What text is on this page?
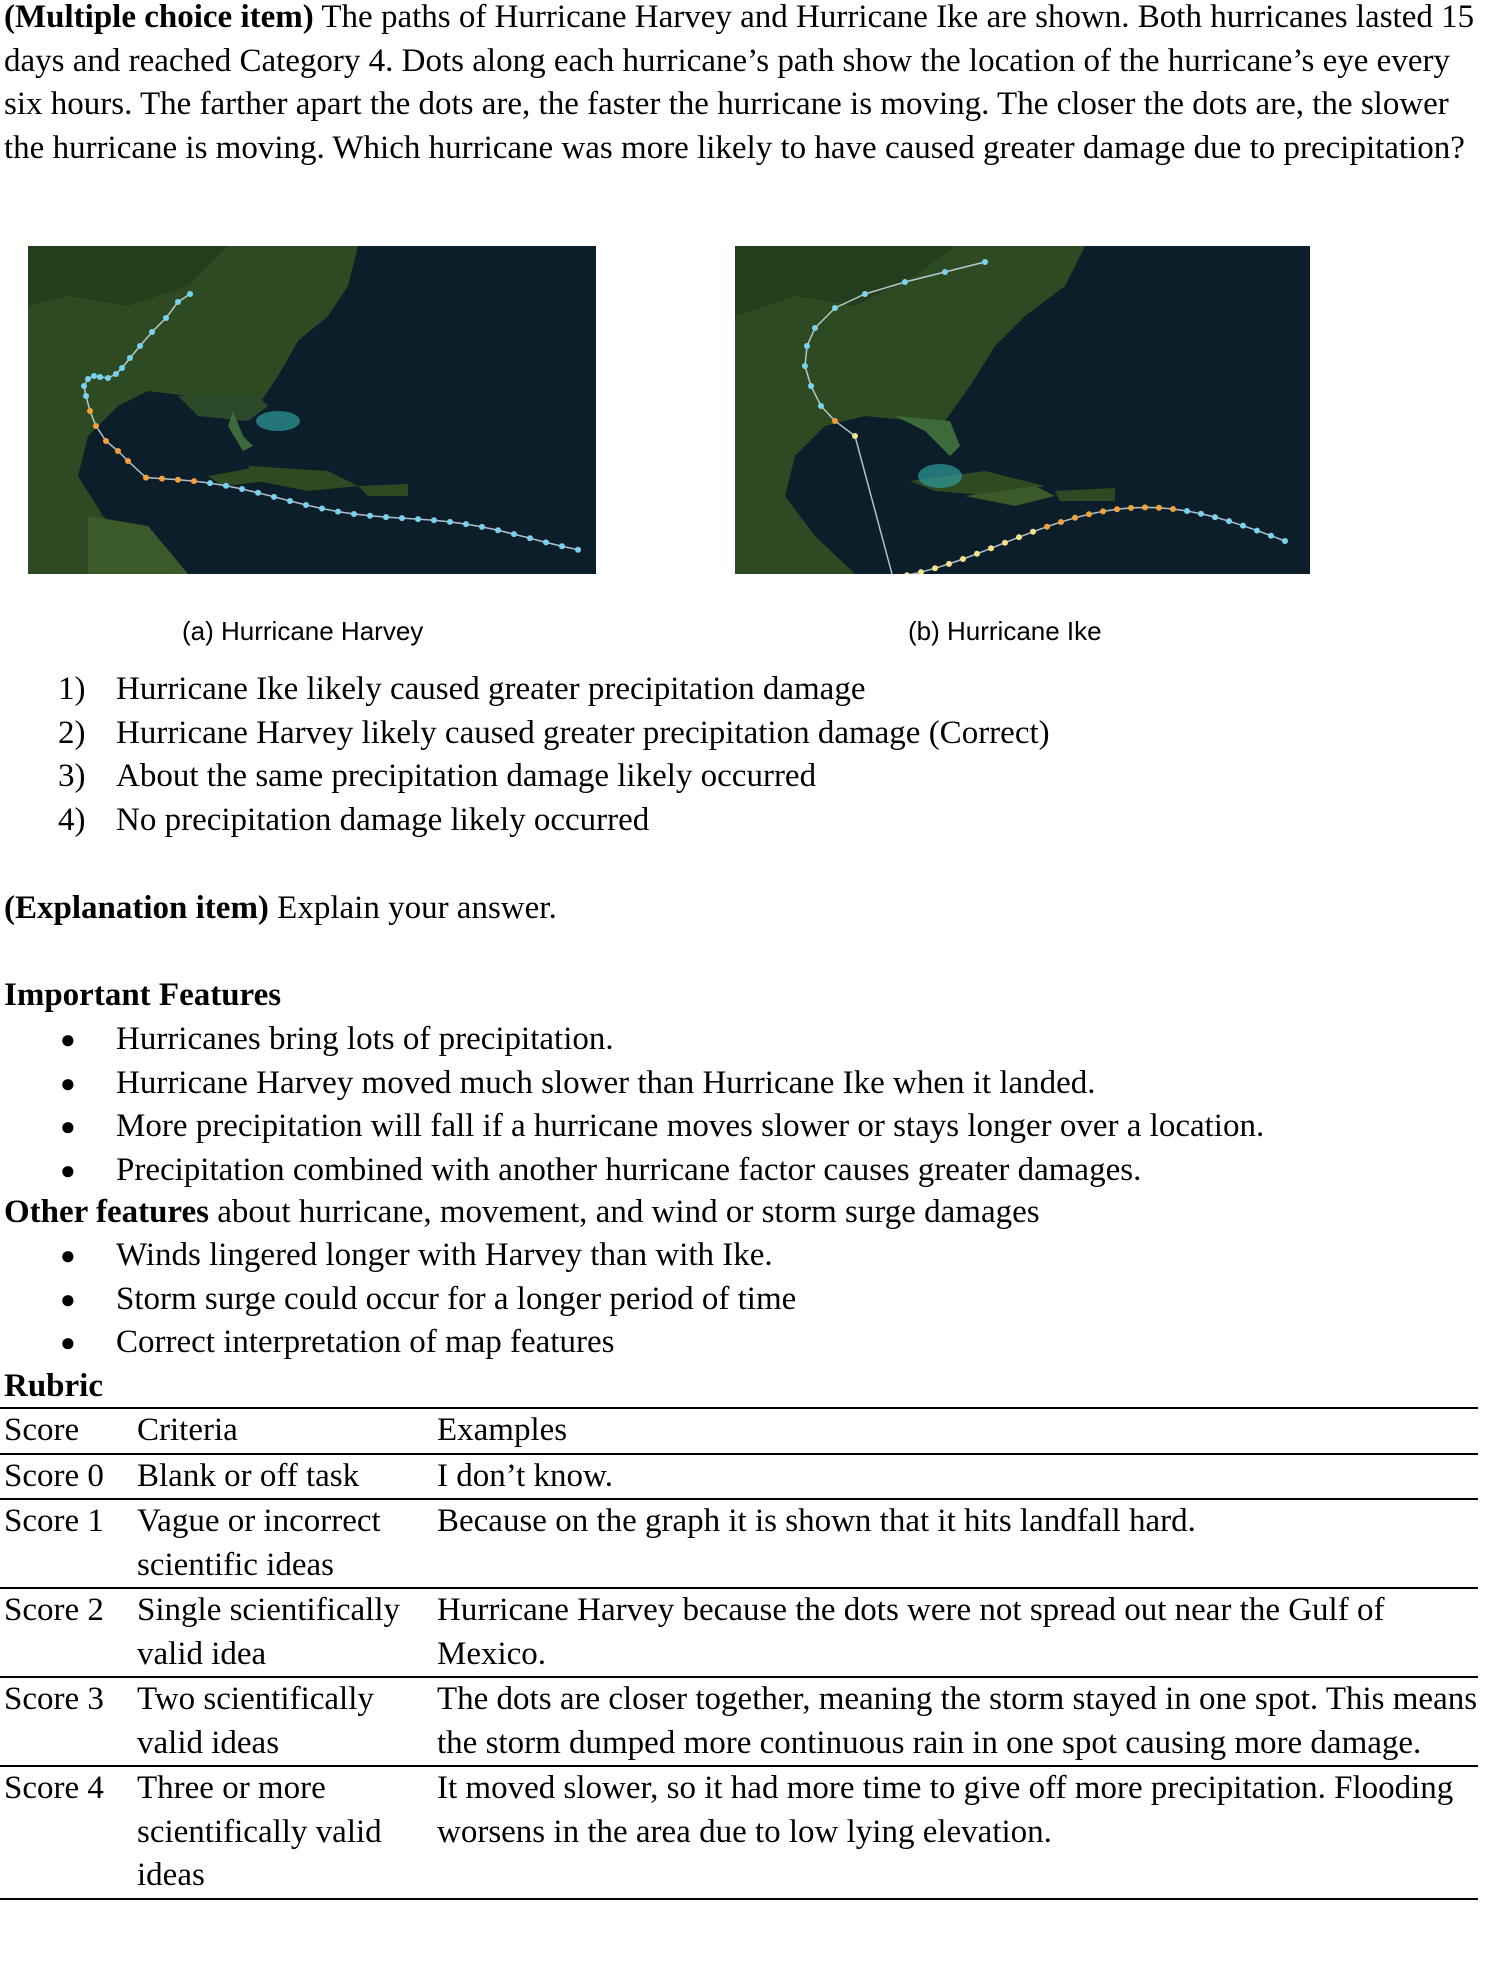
(Multiple choice item) The paths of Hurricane Harvey and Hurricane Ike are shown. Both hurricanes lasted 15 days and reached Category 4. Dots along each hurricane’s path show the location of the hurricane’s eye every six hours. The farther apart the dots are, the faster the hurricane is moving. The closer the dots are, the slower the hurricane is moving. Which hurricane was more likely to have caused greater damage due to precipitation?

(a) Hurricane Harvey	(b) Hurricane Ike
1) Hurricane Ike likely caused greater precipitation damage
2) Hurricane Harvey likely caused greater precipitation damage (Correct)
3) About the same precipitation damage likely occurred
4) No precipitation damage likely occurred

(Explanation item) Explain your answer.

Important Features

●	Hurricanes bring lots of precipitation.
●	Hurricane Harvey moved much slower than Hurricane Ike when it landed.
●	More precipitation will fall if a hurricane moves slower or stays longer over a location.
●	Precipitation combined with another hurricane factor causes greater damages.

Other features about hurricane, movement, and wind or storm surge damages

●	Winds lingered longer with Harvey than with Ike.
●	Storm surge could occur for a longer period of time
●	Correct interpretation of map features

Rubric

Score	Criteria	Examples
Score 0	Blank or off task	I don’t know.
Score 1	Vague or incorrect scientific ideas	Because on the graph it is shown that it hits landfall hard.
Score 2	Single scientifically valid idea	Hurricane Harvey because the dots were not spread out near the Gulf of Mexico.
Score 3	Two scientifically valid ideas	The dots are closer together, meaning the storm stayed in one spot. This means the storm dumped more continuous rain in one spot causing more damage.
Score 4	Three or more scientifically valid ideas	It moved slower, so it had more time to give off more precipitation. Flooding worsens in the area due to low lying elevation.
